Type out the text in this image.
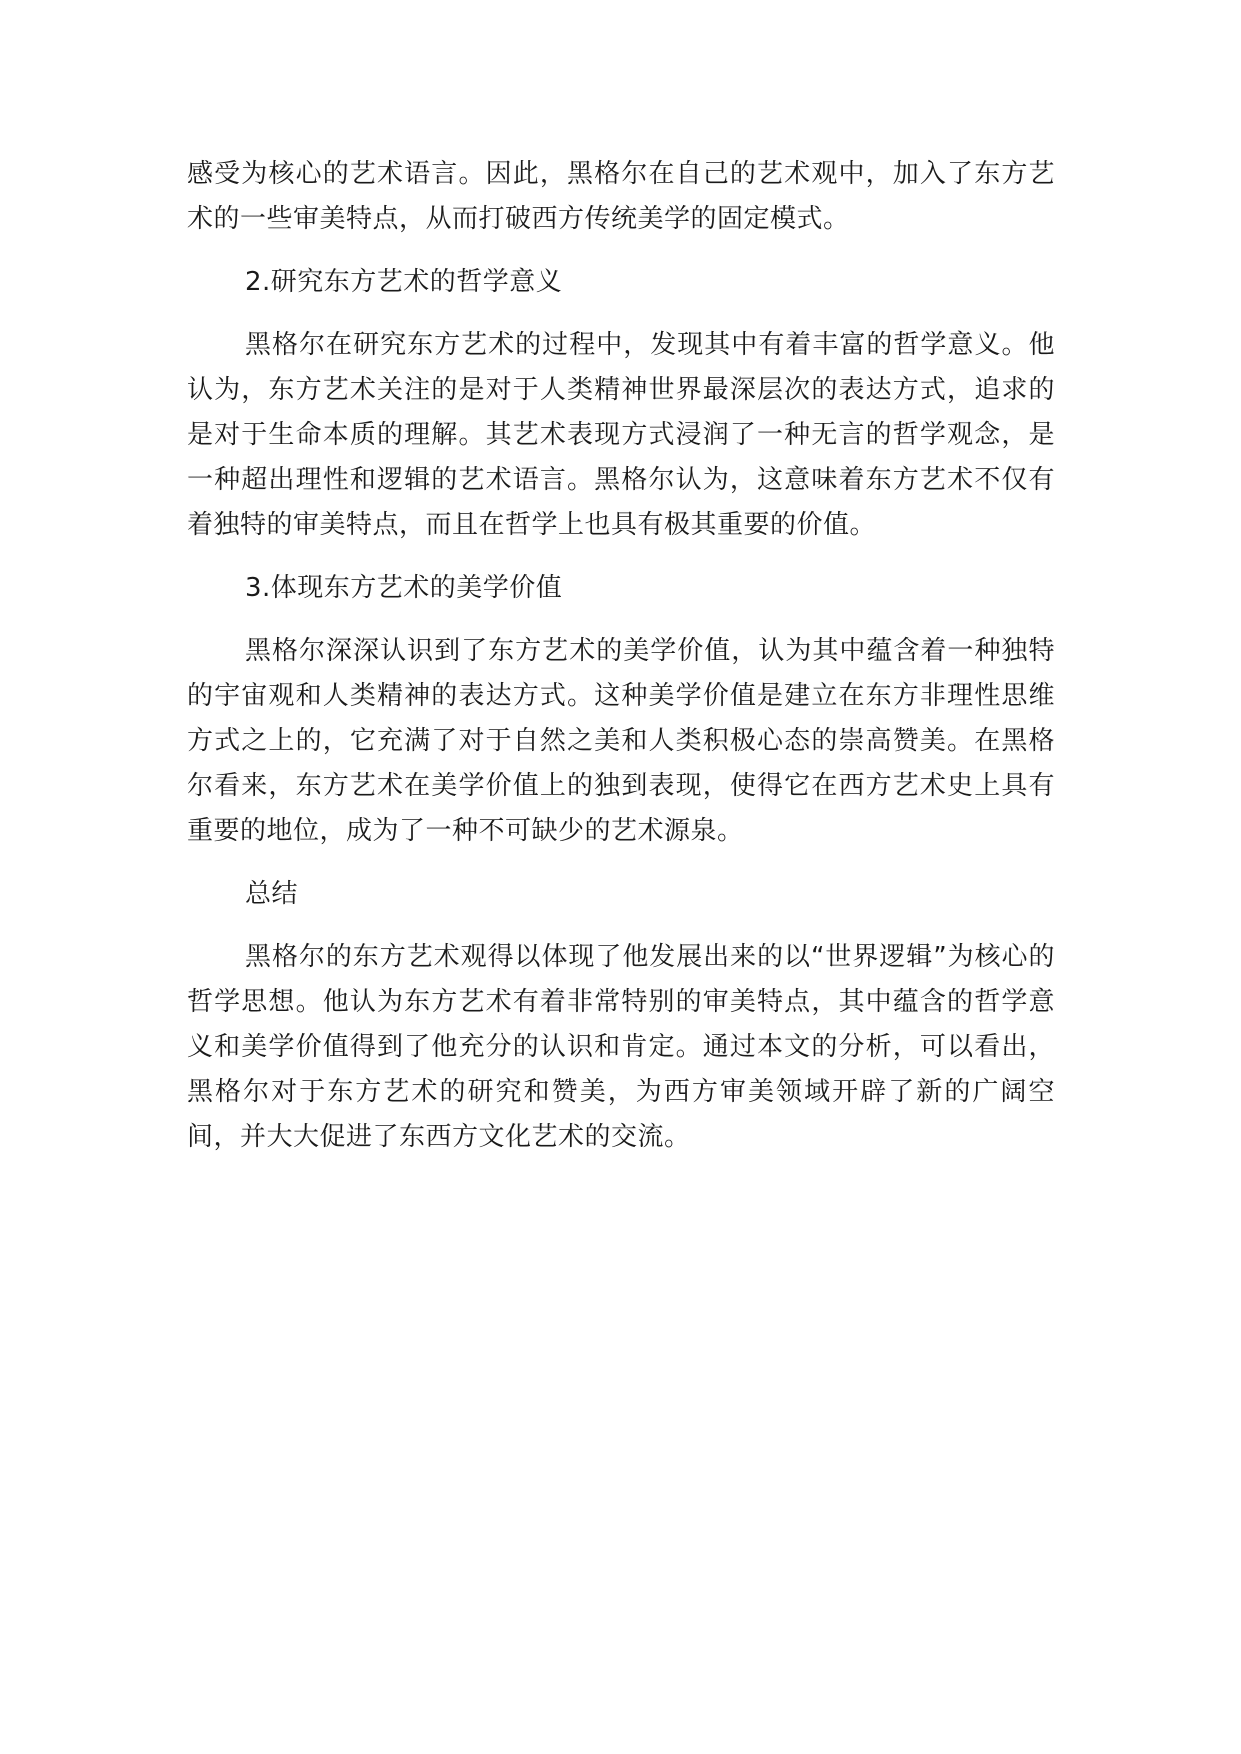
感受为核心的艺术语言。因此，黑格尔在自己的艺术观中，加入了东方艺术的一些审美特点，从而打破西方传统美学的固定模式。

2.研究东方艺术的哲学意义

黑格尔在研究东方艺术的过程中，发现其中有着丰富的哲学意义。他认为，东方艺术关注的是对于人类精神世界最深层次的表达方式，追求的是对于生命本质的理解。其艺术表现方式浸润了一种无言的哲学观念，是一种超出理性和逻辑的艺术语言。黑格尔认为，这意味着东方艺术不仅有着独特的审美特点，而且在哲学上也具有极其重要的价值。

3.体现东方艺术的美学价值

黑格尔深深认识到了东方艺术的美学价值，认为其中蕴含着一种独特的宇宙观和人类精神的表达方式。这种美学价值是建立在东方非理性思维方式之上的，它充满了对于自然之美和人类积极心态的崇高赞美。在黑格尔看来，东方艺术在美学价值上的独到表现，使得它在西方艺术史上具有重要的地位，成为了一种不可缺少的艺术源泉。

总结

黑格尔的东方艺术观得以体现了他发展出来的以“世界逻辑”为核心的哲学思想。他认为东方艺术有着非常特别的审美特点，其中蕴含的哲学意义和美学价值得到了他充分的认识和肯定。通过本文的分析，可以看出，黑格尔对于东方艺术的研究和赞美，为西方审美领域开辟了新的广阔空间，并大大促进了东西方文化艺术的交流。
